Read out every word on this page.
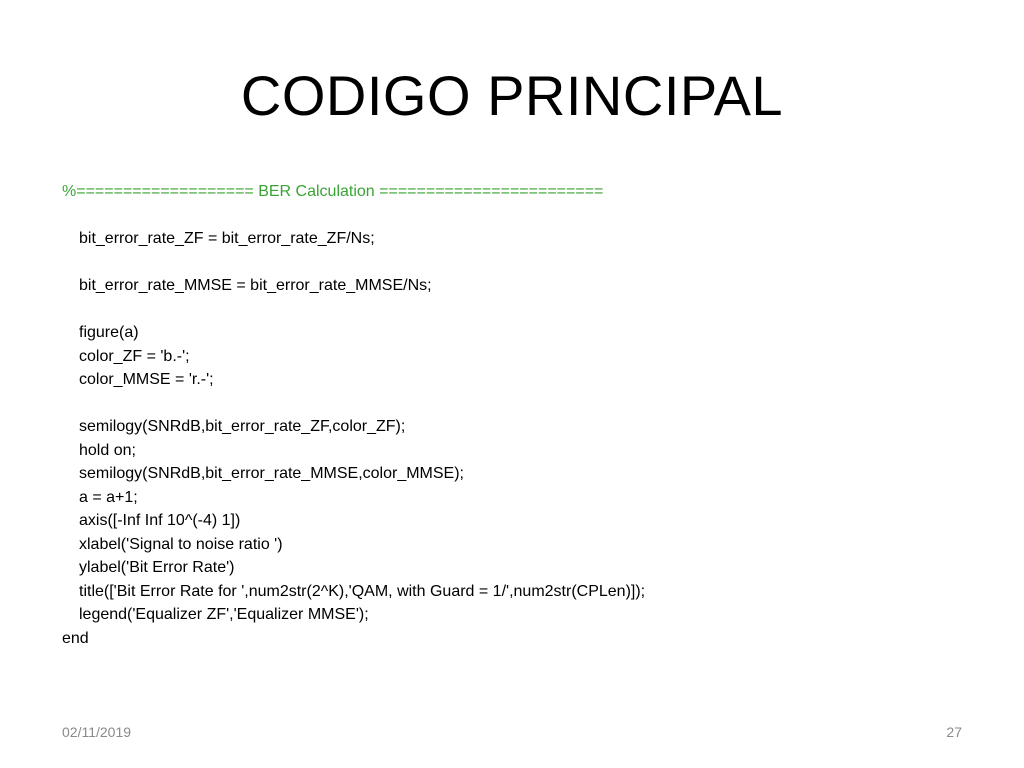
CODIGO PRINCIPAL
%=================== BER Calculation ========================
bit_error_rate_ZF = bit_error_rate_ZF/Ns;
bit_error_rate_MMSE = bit_error_rate_MMSE/Ns;
figure(a)
color_ZF = 'b.-';
color_MMSE = 'r.-';
semilogy(SNRdB,bit_error_rate_ZF,color_ZF);
hold on;
semilogy(SNRdB,bit_error_rate_MMSE,color_MMSE);
a = a+1;
axis([-Inf Inf 10^(-4) 1])
xlabel('Signal to noise ratio ')
ylabel('Bit Error Rate')
title(['Bit Error Rate for ',num2str(2^K),'QAM, with Guard = 1/',num2str(CPLen)]);
legend('Equalizer ZF','Equalizer MMSE');
end
02/11/2019	27
